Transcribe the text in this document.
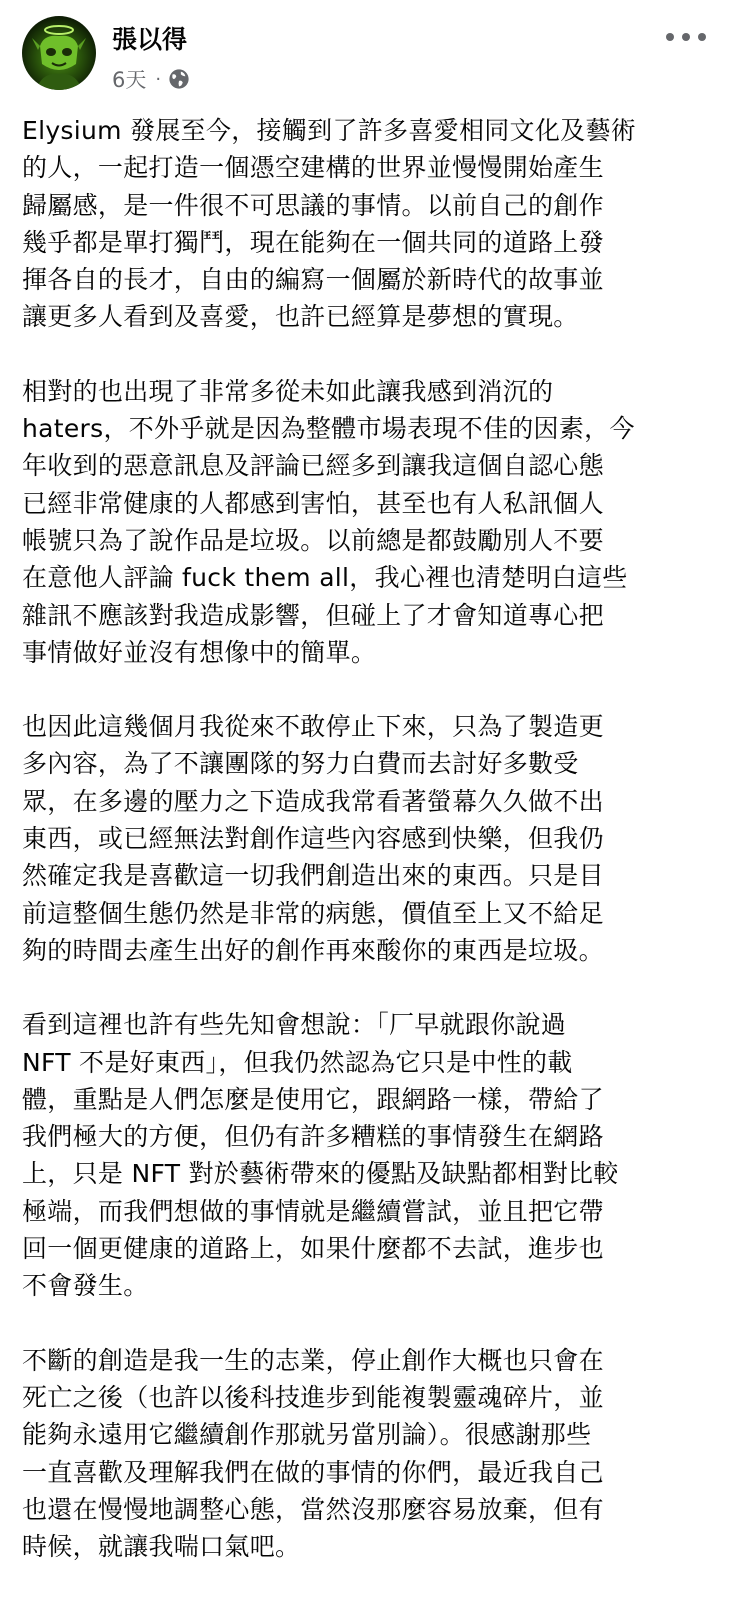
張以得
6天 ·
Elysium 發展至今，接觸到了許多喜愛相同文化及藝術
的人，一起打造一個憑空建構的世界並慢慢開始產生
歸屬感，是一件很不可思議的事情。以前自己的創作
幾乎都是單打獨鬥，現在能夠在一個共同的道路上發
揮各自的長才，自由的編寫一個屬於新時代的故事並
讓更多人看到及喜愛，也許已經算是夢想的實現。
相對的也出現了非常多從未如此讓我感到消沉的
haters，不外乎就是因為整體市場表現不佳的因素，今
年收到的惡意訊息及評論已經多到讓我這個自認心態
已經非常健康的人都感到害怕，甚至也有人私訊個人
帳號只為了說作品是垃圾。以前總是都鼓勵別人不要
在意他人評論 fuck them all，我心裡也清楚明白這些
雜訊不應該對我造成影響，但碰上了才會知道專心把
事情做好並沒有想像中的簡單。
也因此這幾個月我從來不敢停止下來，只為了製造更
多內容，為了不讓團隊的努力白費而去討好多數受
眾，在多邊的壓力之下造成我常看著螢幕久久做不出
東西，或已經無法對創作這些內容感到快樂，但我仍
然確定我是喜歡這一切我們創造出來的東西。只是目
前這整個生態仍然是非常的病態，價值至上又不給足
夠的時間去產生出好的創作再來酸你的東西是垃圾。
看到這裡也許有些先知會想說：「厂早就跟你說過
NFT 不是好東西」，但我仍然認為它只是中性的載
體，重點是人們怎麼是使用它，跟網路一樣，帶給了
我們極大的方便，但仍有許多糟糕的事情發生在網路
上，只是 NFT 對於藝術帶來的優點及缺點都相對比較
極端，而我們想做的事情就是繼續嘗試，並且把它帶
回一個更健康的道路上，如果什麼都不去試，進步也
不會發生。
不斷的創造是我一生的志業，停止創作大概也只會在
死亡之後（也許以後科技進步到能複製靈魂碎片，並
能夠永遠用它繼續創作那就另當別論）。很感謝那些
一直喜歡及理解我們在做的事情的你們，最近我自己
也還在慢慢地調整心態，當然沒那麼容易放棄，但有
時候，就讓我喘口氣吧。
